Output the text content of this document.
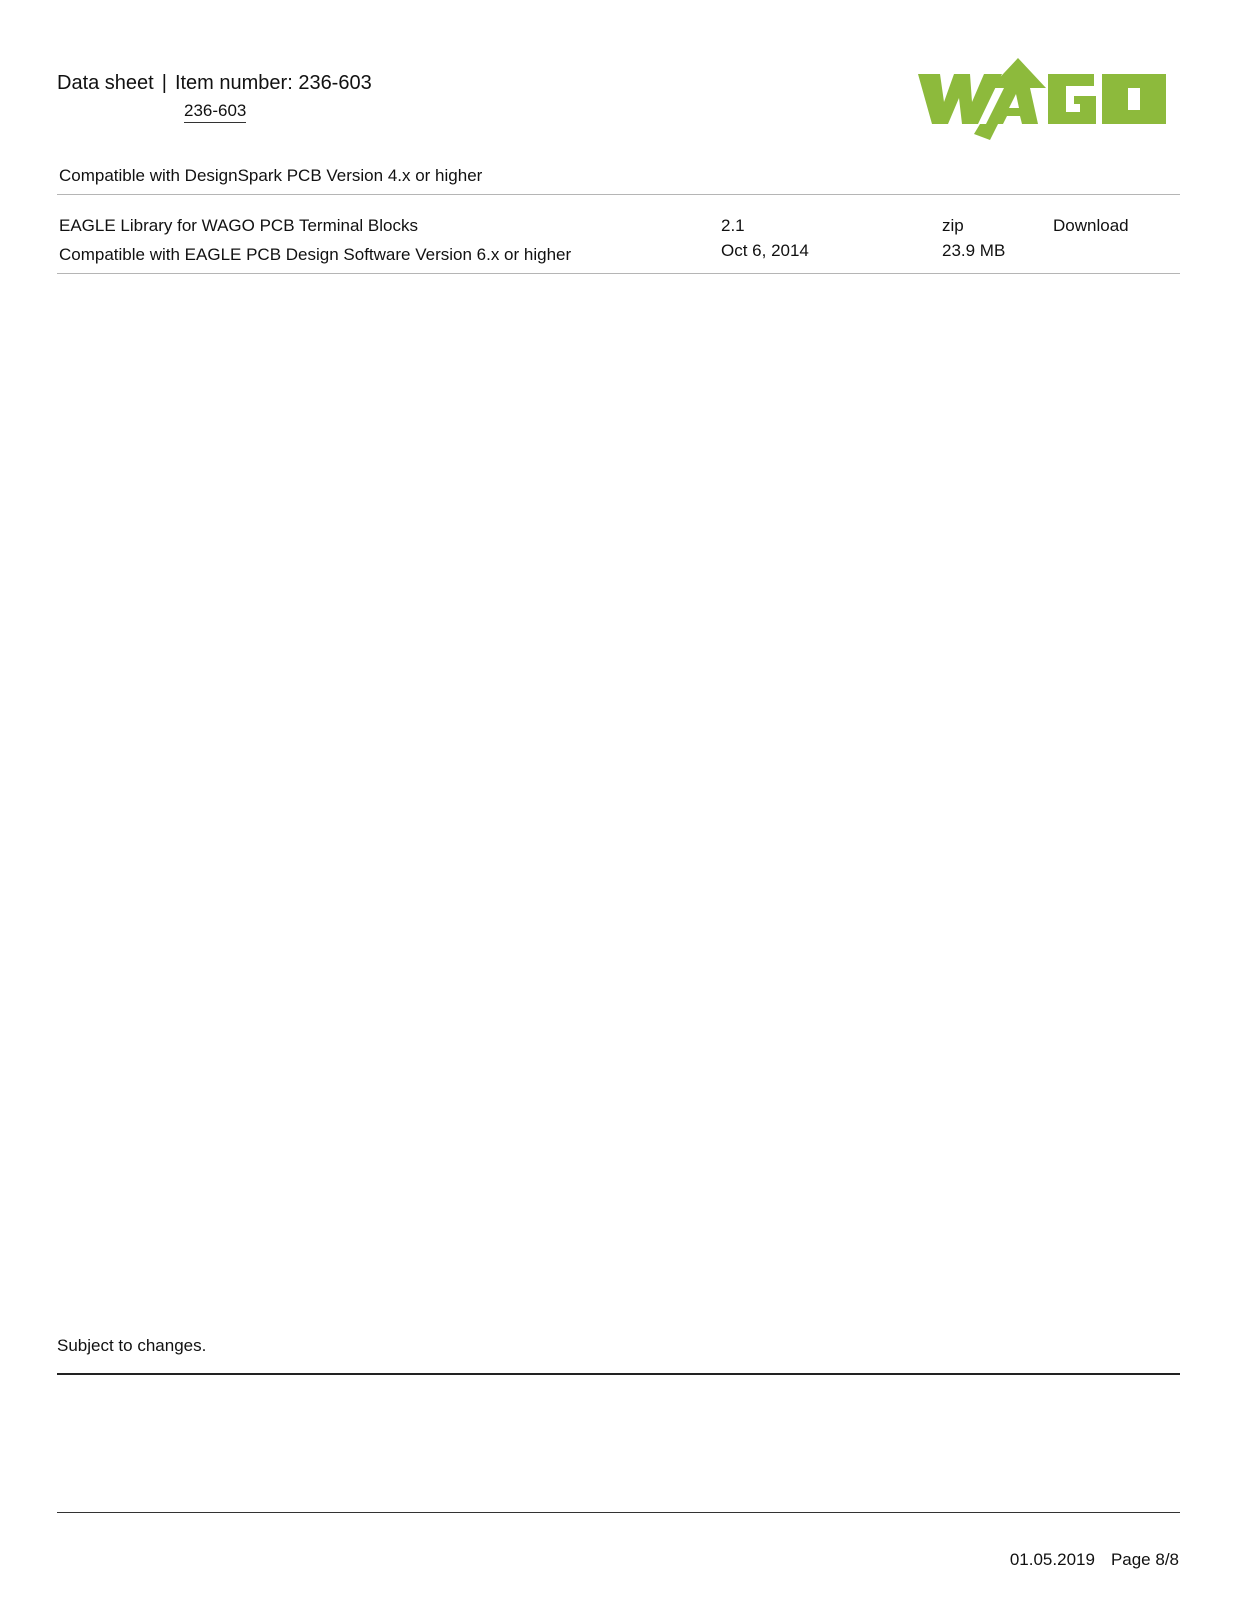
Data sheet | Item number: 236-603
236-603
Compatible with DesignSpark PCB Version 4.x or higher
EAGLE Library for WAGO PCB Terminal Blocks
Compatible with EAGLE PCB Design Software Version 6.x or higher
2.1
Oct 6, 2014
zip
23.9 MB
Download
Subject to changes.
01.05.2019 Page 8/8
